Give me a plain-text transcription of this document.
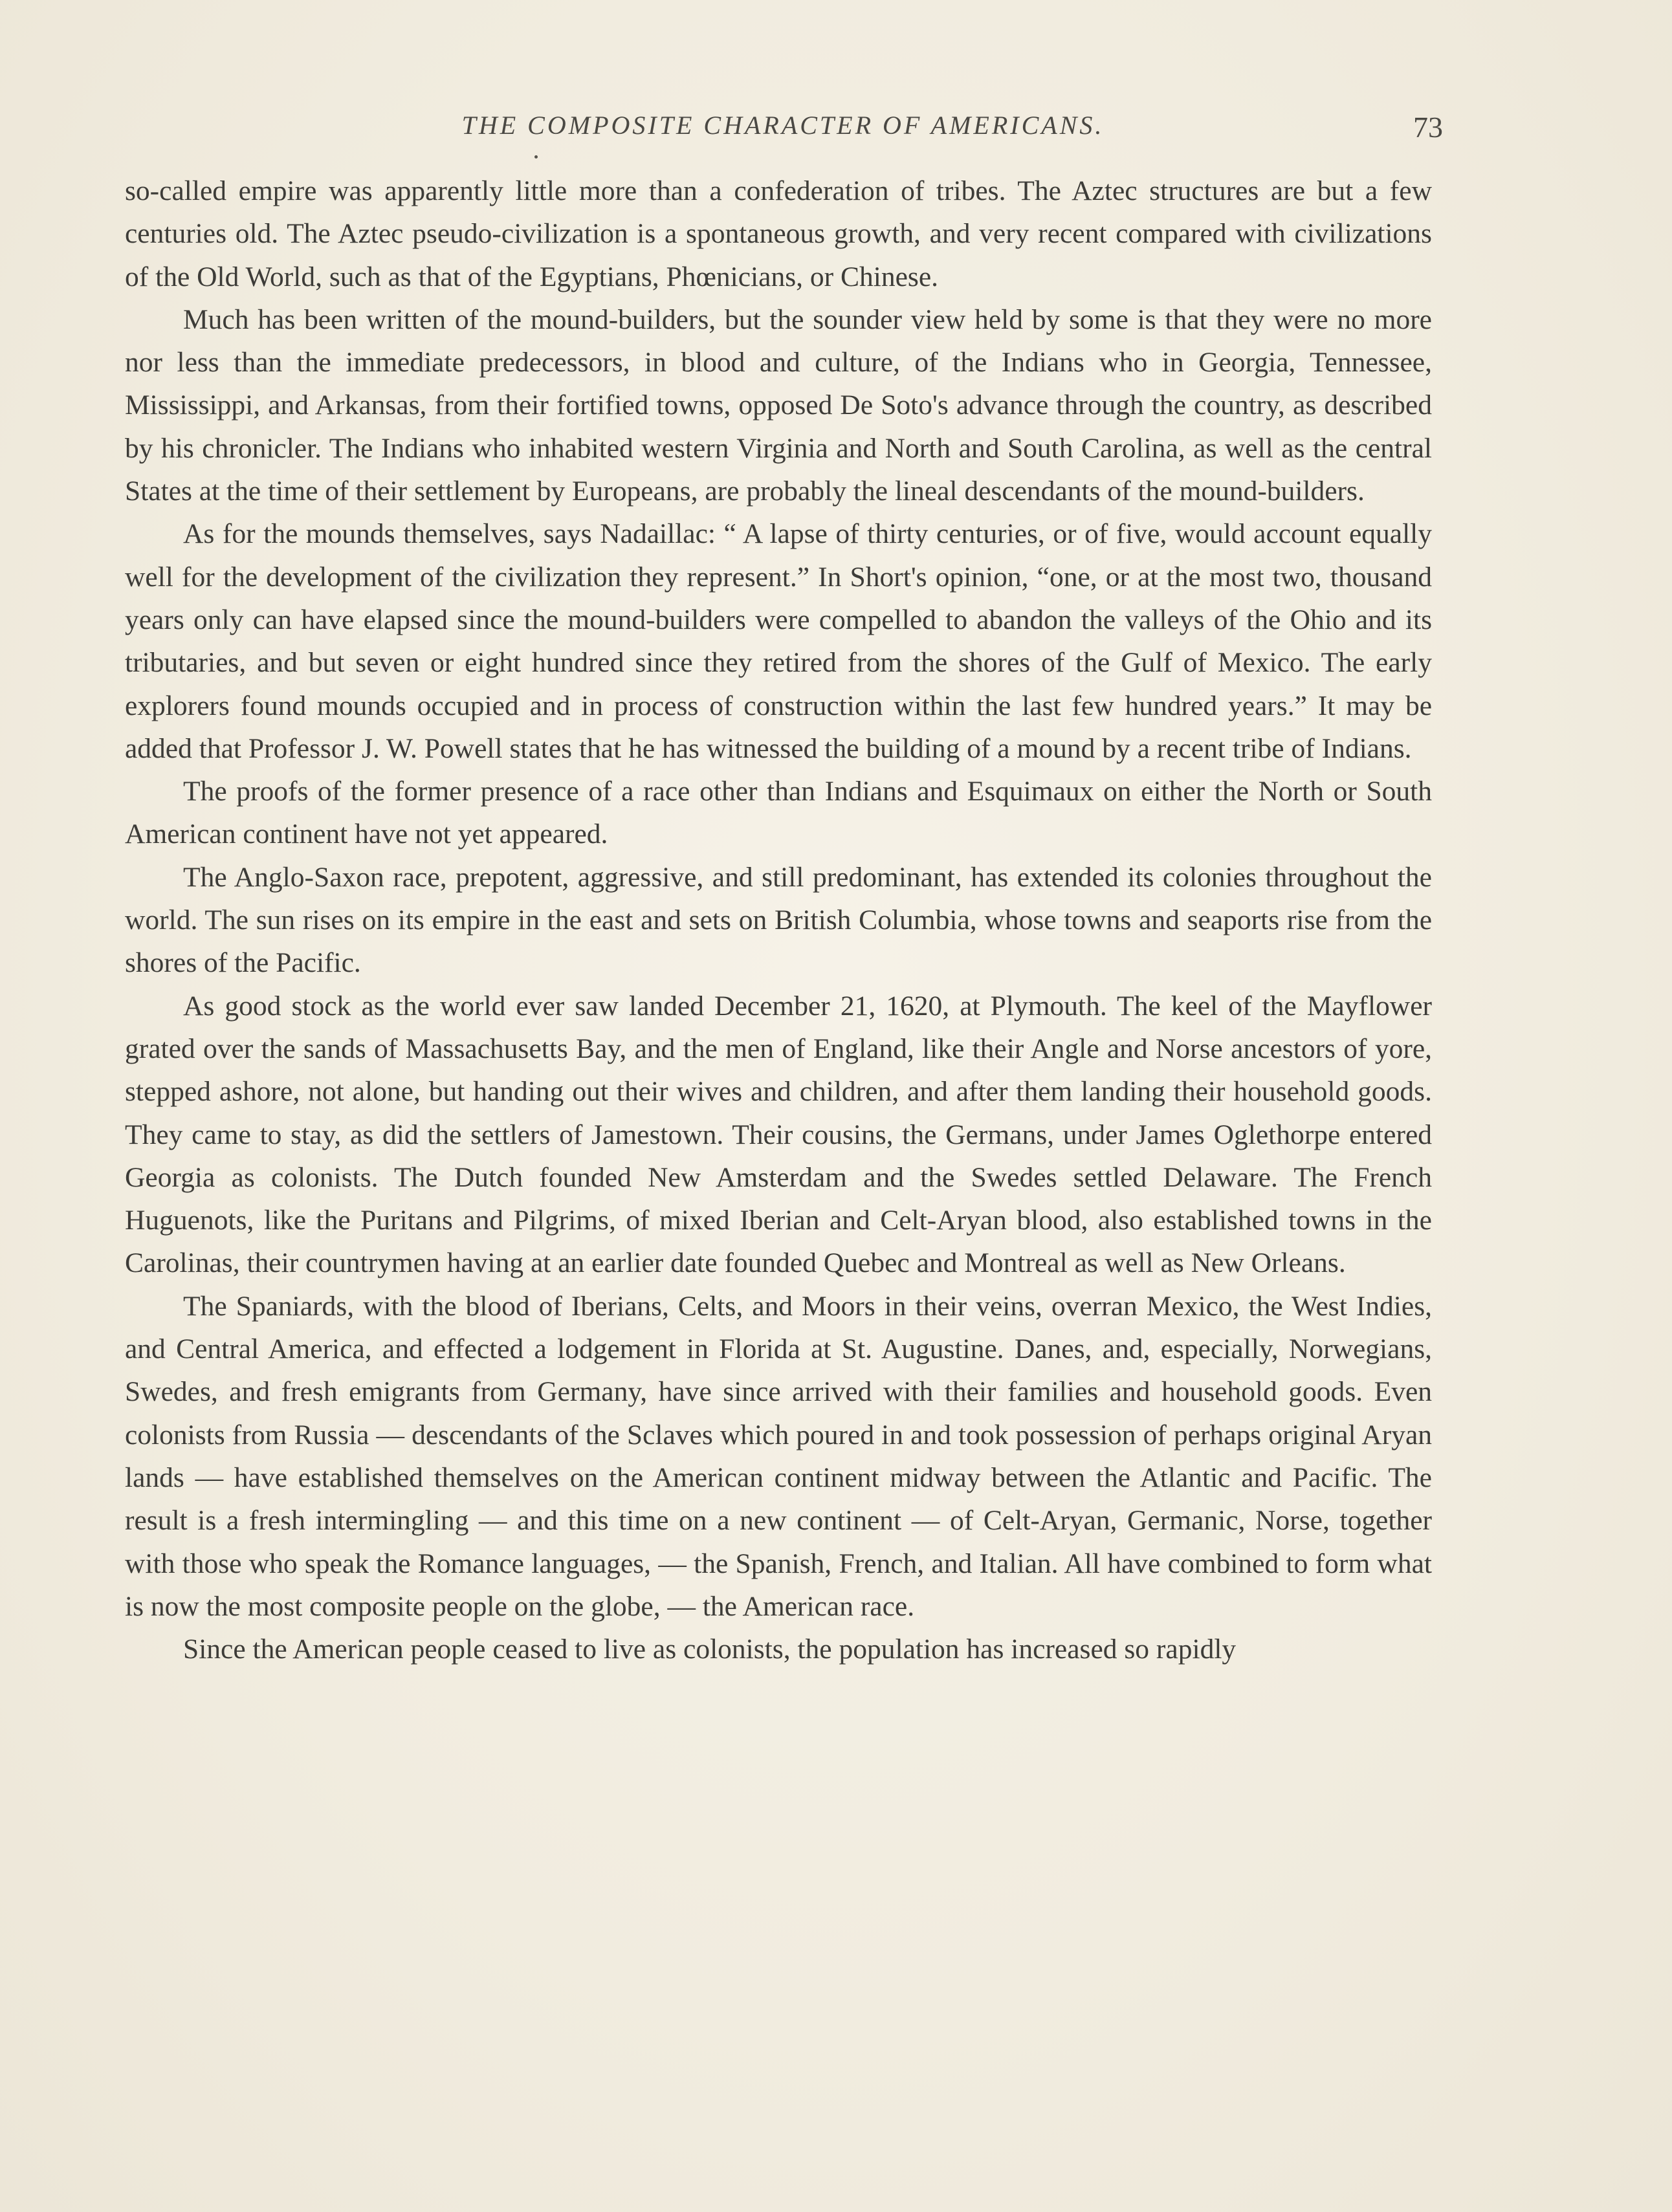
THE COMPOSITE CHARACTER OF AMERICANS.	73

so-called empire was apparently little more than a confederation of tribes. The Aztec structures are but a few centuries old. The Aztec pseudo-civilization is a spontaneous growth, and very recent compared with civilizations of the Old World, such as that of the Egyptians, Phœnicians, or Chinese.

Much has been written of the mound-builders, but the sounder view held by some is that they were no more nor less than the immediate predecessors, in blood and culture, of the Indians who in Georgia, Tennessee, Mississippi, and Arkansas, from their fortified towns, opposed De Soto's advance through the country, as described by his chronicler. The Indians who inhabited western Virginia and North and South Carolina, as well as the central States at the time of their settlement by Europeans, are probably the lineal descendants of the mound-builders.

As for the mounds themselves, says Nadaillac: “ A lapse of thirty centuries, or of five, would account equally well for the development of the civilization they represent.” In Short's opinion, “one, or at the most two, thousand years only can have elapsed since the mound-builders were compelled to abandon the valleys of the Ohio and its tributaries, and but seven or eight hundred since they retired from the shores of the Gulf of Mexico. The early explorers found mounds occupied and in process of construction within the last few hundred years.” It may be added that Professor J. W. Powell states that he has witnessed the building of a mound by a recent tribe of Indians.

The proofs of the former presence of a race other than Indians and Esquimaux on either the North or South American continent have not yet appeared.

The Anglo-Saxon race, prepotent, aggressive, and still predominant, has extended its colonies throughout the world. The sun rises on its empire in the east and sets on British Columbia, whose towns and seaports rise from the shores of the Pacific.

As good stock as the world ever saw landed December 21, 1620, at Plymouth. The keel of the Mayflower grated over the sands of Massachusetts Bay, and the men of England, like their Angle and Norse ancestors of yore, stepped ashore, not alone, but handing out their wives and children, and after them landing their household goods. They came to stay, as did the settlers of Jamestown. Their cousins, the Germans, under James Oglethorpe entered Georgia as colonists. The Dutch founded New Amsterdam and the Swedes settled Delaware. The French Huguenots, like the Puritans and Pilgrims, of mixed Iberian and Celt-Aryan blood, also established towns in the Carolinas, their countrymen having at an earlier date founded Quebec and Montreal as well as New Orleans.

The Spaniards, with the blood of Iberians, Celts, and Moors in their veins, overran Mexico, the West Indies, and Central America, and effected a lodgement in Florida at St. Augustine. Danes, and, especially, Norwegians, Swedes, and fresh emigrants from Germany, have since arrived with their families and household goods. Even colonists from Russia — descendants of the Sclaves which poured in and took possession of perhaps original Aryan lands — have established themselves on the American continent midway between the Atlantic and Pacific. The result is a fresh intermingling — and this time on a new continent — of Celt-Aryan, Germanic, Norse, together with those who speak the Romance languages, — the Spanish, French, and Italian. All have combined to form what is now the most composite people on the globe, — the American race.

Since the American people ceased to live as colonists, the population has increased so rapidly
